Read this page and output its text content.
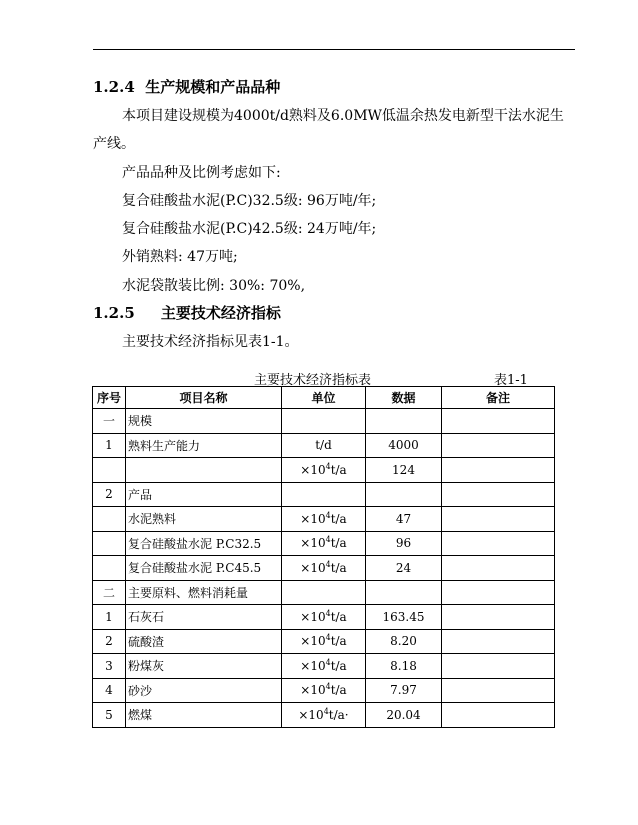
1.2.4 生产规模和产品品种
本项目建设规模为4000t/d熟料及6.0MW低温余热发电新型干法水泥生
产线。
产品品种及比例考虑如下:
复合硅酸盐水泥(P.C)32.5级: 96万吨/年;
复合硅酸盐水泥(P.C)42.5级: 24万吨/年;
外销熟料: 47万吨;
水泥袋散装比例: 30%: 70%,
1.2.5 主要技术经济指标
主要技术经济指标见表1-1。
主要技术经济指标表	表1-1
序号	项目名称	单位	数据	备注
一	规模			
1	熟料生产能力	t/d	4000	
		$\times 10^4t/a$	124	
2	产品			
	水泥熟料	$\times 10^4t/a$	47	
	复合硅酸盐水泥 P.C32.5	$\times 10^4t/a$	96	
	复合硅酸盐水泥 P.C45.5	$\times 10^4t/a$	24	
二	主要原料、燃料消耗量			
1	石灰石	$\times 10^4t/a$	163.45	
2	硫酸渣	$\times 10^4t/a$	8.20	
3	粉煤灰	$\times 10^4t/a$	8.18	
4	砂沙	$\times 10^4t/a$	7.97	
5	燃煤	$\times 10^4t/a\cdot$	20.04	
